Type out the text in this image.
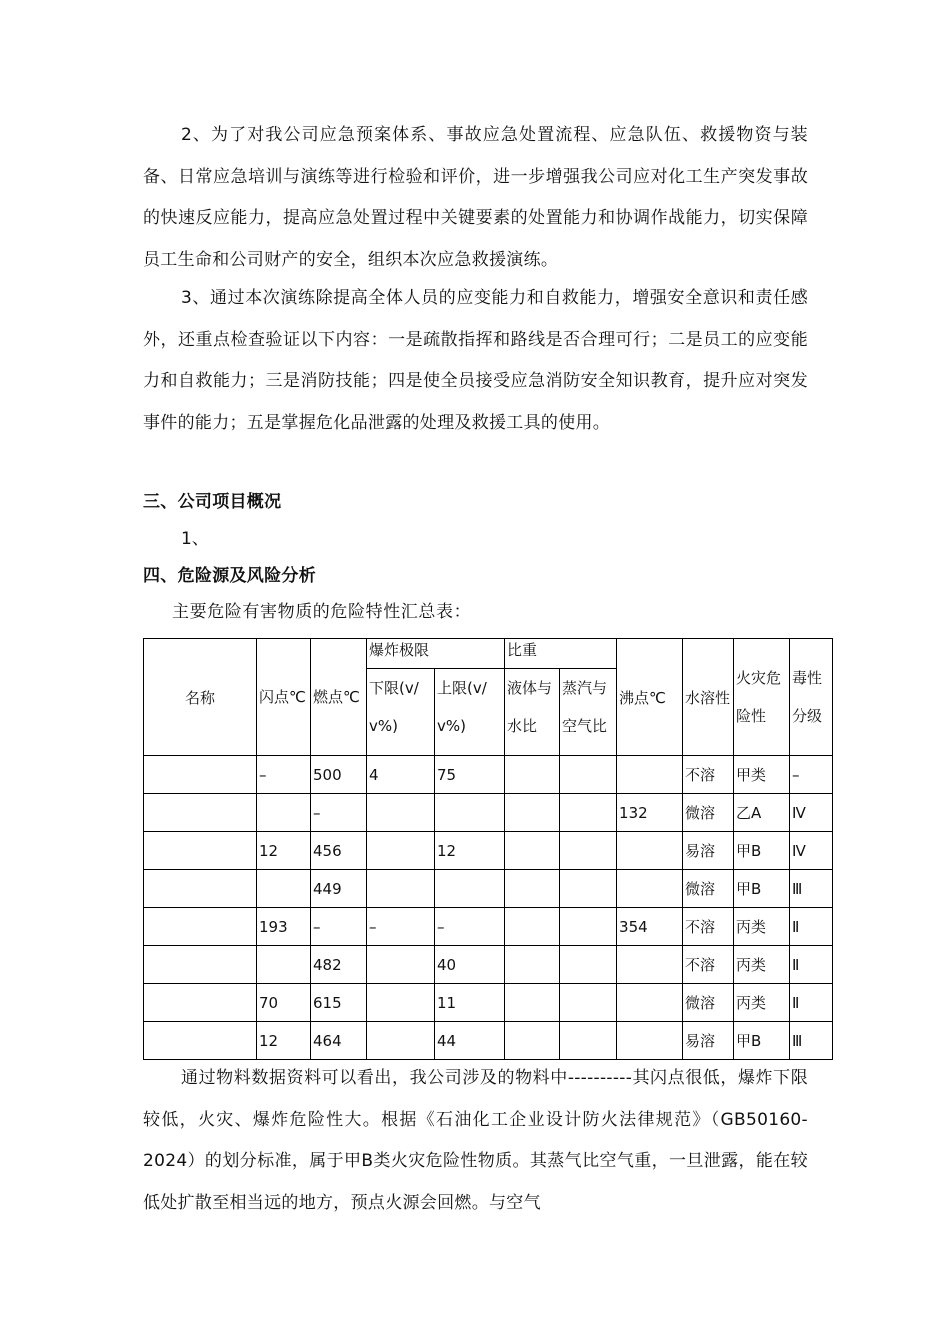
2、为了对我公司应急预案体系、事故应急处置流程、应急队伍、救援物资与装备、日常应急培训与演练等进行检验和评价，进一步增强我公司应对化工生产突发事故的快速反应能力，提高应急处置过程中关键要素的处置能力和协调作战能力，切实保障员工生命和公司财产的安全，组织本次应急救援演练。
3、通过本次演练除提高全体人员的应变能力和自救能力，增强安全意识和责任感外，还重点检查验证以下内容：一是疏散指挥和路线是否合理可行；二是员工的应变能力和自救能力；三是消防技能；四是使全员接受应急消防安全知识教育，提升应对突发事件的能力；五是掌握危化品泄露的处理及救援工具的使用。
三、公司项目概况
1、
四、危险源及风险分析
主要危险有害物质的危险特性汇总表：
名称	闪点℃	燃点℃	爆炸极限		比重		沸点℃	水溶性	火灾危险性	毒性分级
			下限(v/v%)	上限(v/v%)	液体与水比	蒸汽与空气比				
	–	500	4	75				不溶	甲类	–
		–					132	微溶	乙A	Ⅳ
	12	456		12				易溶	甲B	Ⅳ
		449						微溶	甲B	Ⅲ
	193	–	–	–			354	不溶	丙类	Ⅱ
		482		40				不溶	丙类	Ⅱ
	70	615		11				微溶	丙类	Ⅱ
	12	464		44				易溶	甲B	Ⅲ
通过物料数据资料可以看出，我公司涉及的物料中----------其闪点很低，爆炸下限较低，火灾、爆炸危险性大。根据《石油化工企业设计防火法律规范》（GB50160-2024）的划分标准，属于甲B类火灾危险性物质。其蒸气比空气重，一旦泄露，能在较低处扩散至相当远的地方，预点火源会回燃。与空气
